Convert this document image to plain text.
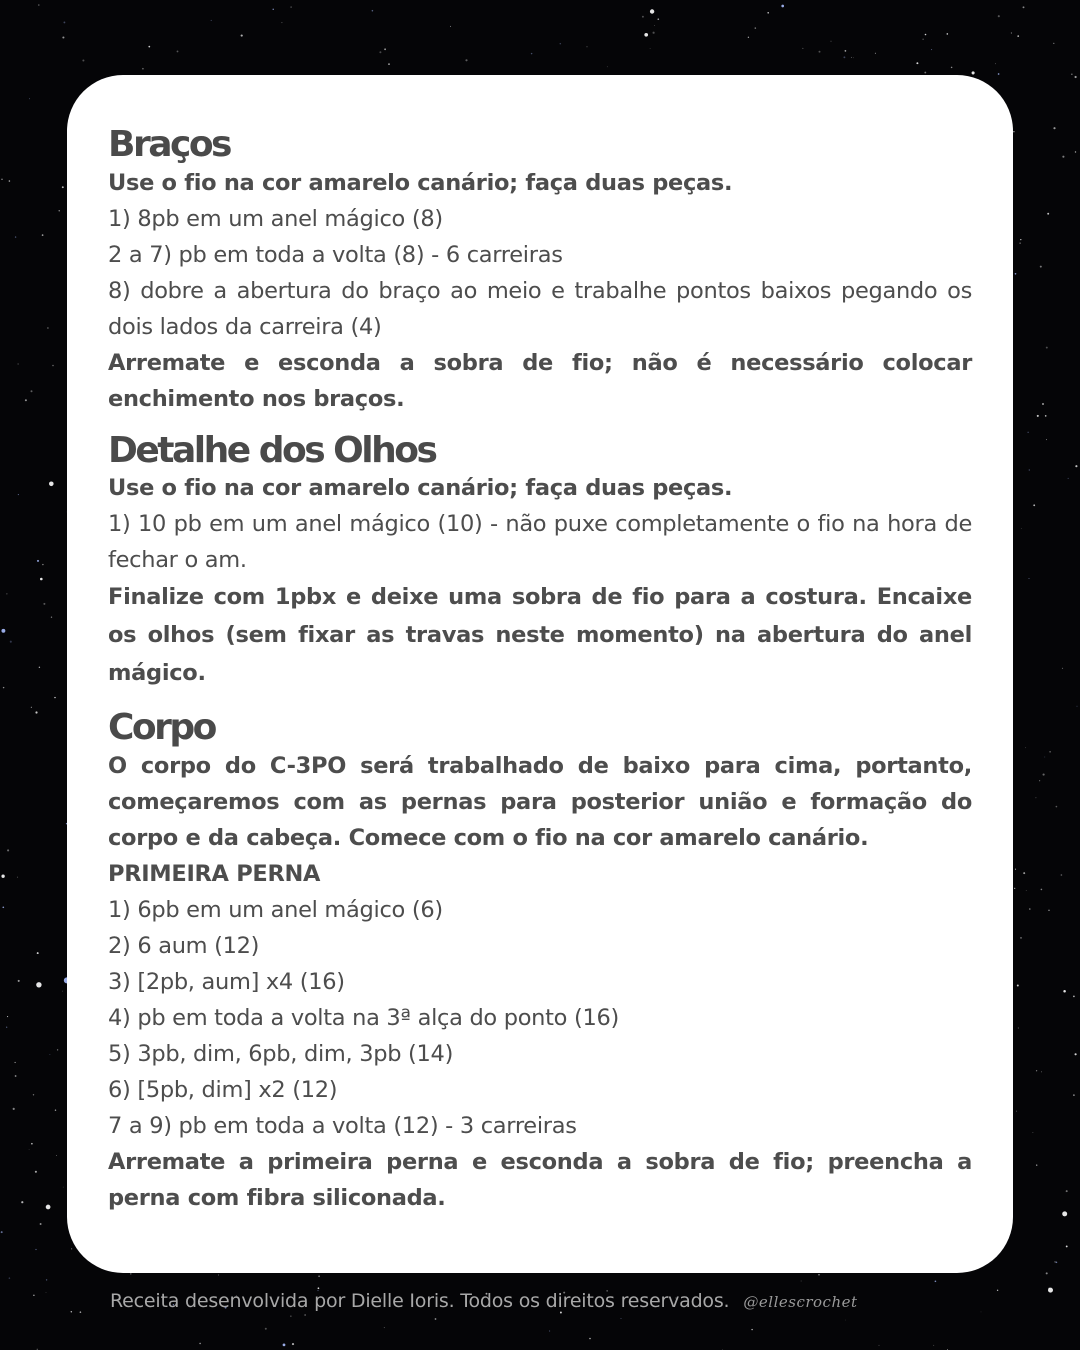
Braços

Use o fio na cor amarelo canário; faça duas peças.

1) 8pb em um anel mágico (8)

2 a 7) pb em toda a volta (8) - 6 carreiras

8) dobre a abertura do braço ao meio e trabalhe pontos baixos pegando os dois lados da carreira (4)

Arremate e esconda a sobra de fio; não é necessário colocar enchimento nos braços.

Detalhe dos Olhos

Use o fio na cor amarelo canário; faça duas peças.

1) 10 pb em um anel mágico (10) - não puxe completamente o fio na hora de fechar o am.

Finalize com 1pbx e deixe uma sobra de fio para a costura. Encaixe os olhos (sem fixar as travas neste momento) na abertura do anel mágico.

Corpo

O corpo do C-3PO será trabalhado de baixo para cima, portanto, começaremos com as pernas para posterior união e formação do corpo e da cabeça. Comece com o fio na cor amarelo canário.

PRIMEIRA PERNA

1) 6pb em um anel mágico (6)

2) 6 aum (12)

3) [2pb, aum] x4 (16)

4) pb em toda a volta na 3ª alça do ponto (16)

5) 3pb, dim, 6pb, dim, 3pb (14)

6) [5pb, dim] x2 (12)

7 a 9) pb em toda a volta (12) - 3 carreiras

Arremate a primeira perna e esconda a sobra de fio; preencha a perna com fibra siliconada.

Receita desenvolvida por Dielle Ioris. Todos os direitos reservados. @ellescrochet
